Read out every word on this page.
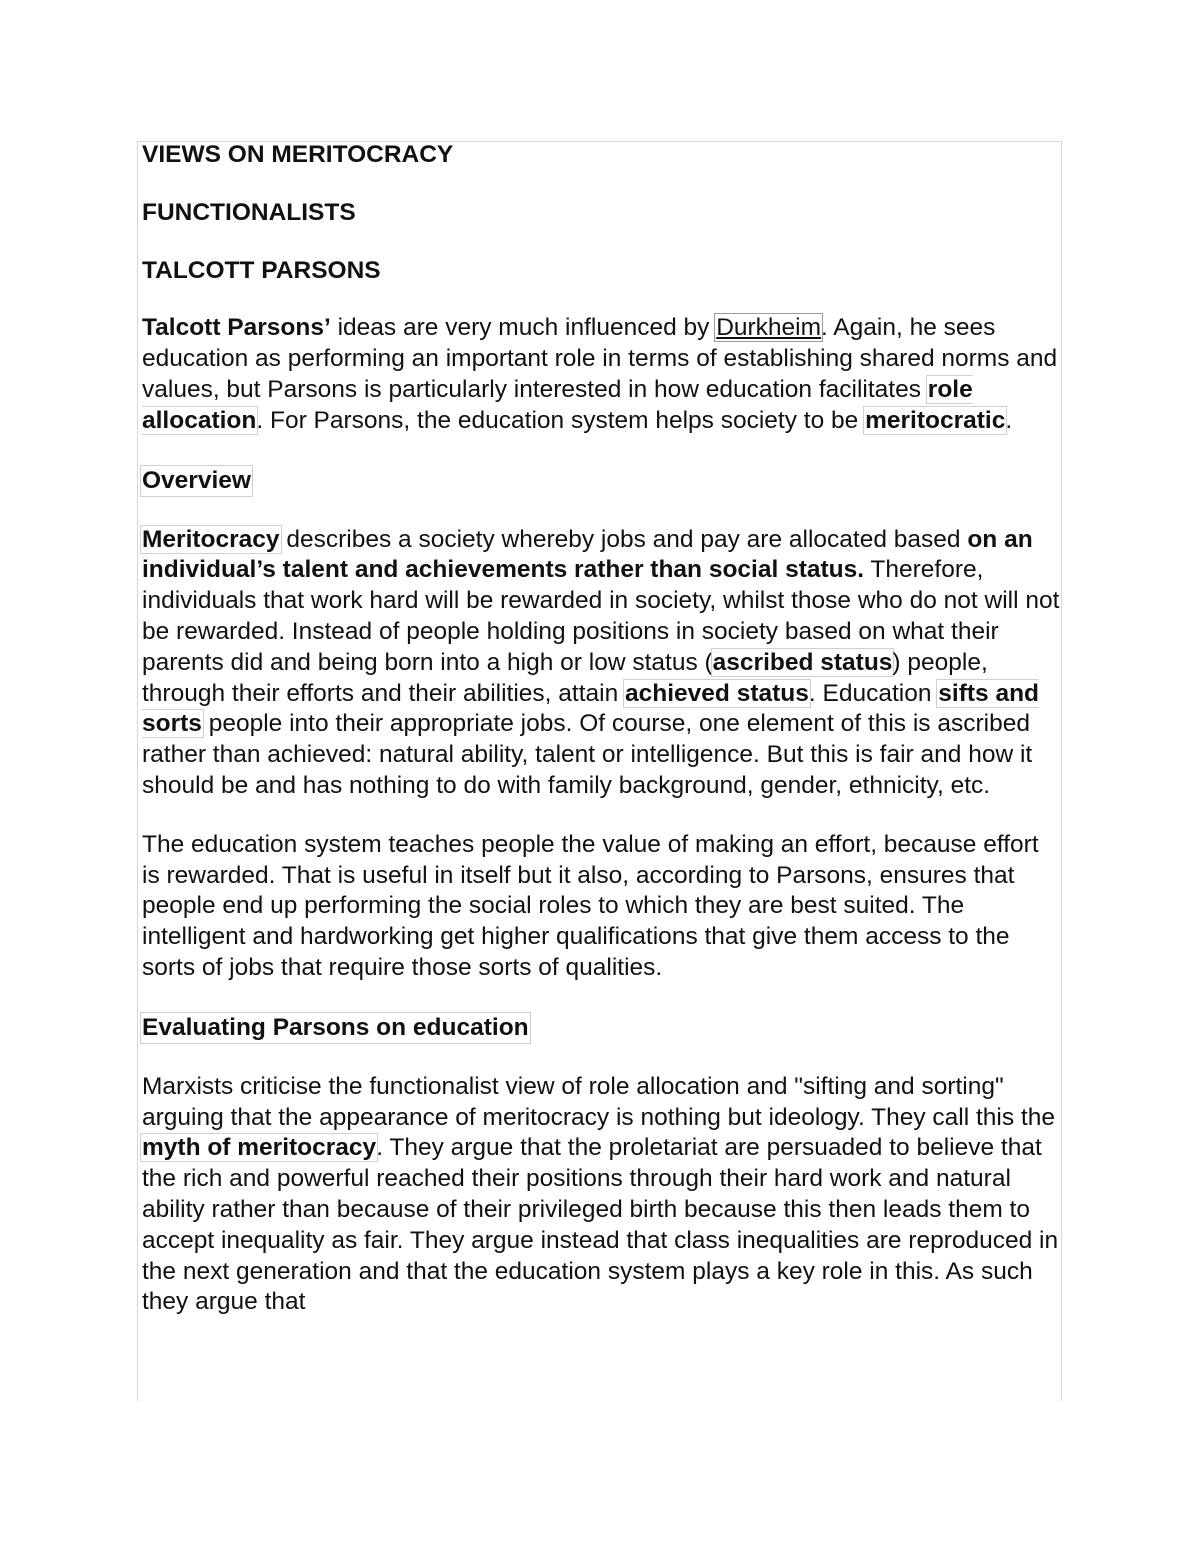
VIEWS ON MERITOCRACY
FUNCTIONALISTS
TALCOTT PARSONS

Talcott Parsons’ ideas are very much influenced by Durkheim. Again, he sees education as performing an important role in terms of establishing shared norms and values, but Parsons is particularly interested in how education facilitates role allocation. For Parsons, the education system helps society to be meritocratic.

Overview

Meritocracy describes a society whereby jobs and pay are allocated based on an individual’s talent and achievements rather than social status. Therefore, individuals that work hard will be rewarded in society, whilst those who do not will not be rewarded. Instead of people holding positions in society based on what their parents did and being born into a high or low status (ascribed status) people, through their efforts and their abilities, attain achieved status. Education sifts and sorts people into their appropriate jobs. Of course, one element of this is ascribed rather than achieved: natural ability, talent or intelligence. But this is fair and how it should be and has nothing to do with family background, gender, ethnicity, etc.

The education system teaches people the value of making an effort, because effort is rewarded. That is useful in itself but it also, according to Parsons, ensures that people end up performing the social roles to which they are best suited. The intelligent and hardworking get higher qualifications that give them access to the sorts of jobs that require those sorts of qualities.

Evaluating Parsons on education

Marxists criticise the functionalist view of role allocation and "sifting and sorting" arguing that the appearance of meritocracy is nothing but ideology. They call this the myth of meritocracy. They argue that the proletariat are persuaded to believe that the rich and powerful reached their positions through their hard work and natural ability rather than because of their privileged birth because this then leads them to accept inequality as fair. They argue instead that class inequalities are reproduced in the next generation and that the education system plays a key role in this. As such they argue that
